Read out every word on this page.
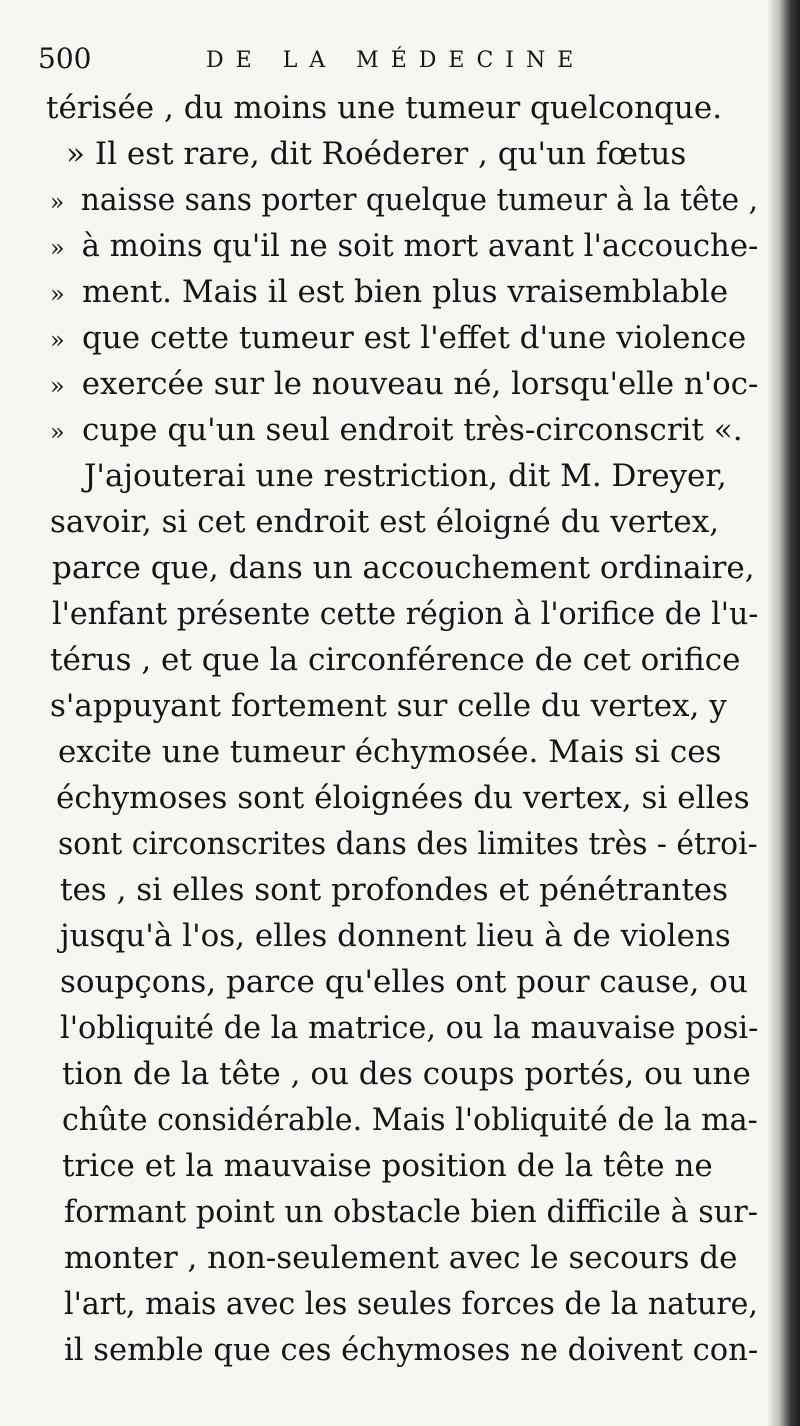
500	DE LA MÉDECINE
térisée , du moins une tumeur quelconque.
» Il est rare, dit Roéderer , qu'un fœtus
» naisse sans porter quelque tumeur à la tête ,
» à moins qu'il ne soit mort avant l'accouche-
» ment. Mais il est bien plus vraisemblable
» que cette tumeur est l'effet d'une violence
» exercée sur le nouveau né, lorsqu'elle n'oc-
» cupe qu'un seul endroit très-circonscrit «.
J'ajouterai une restriction, dit M. Dreyer,
savoir, si cet endroit est éloigné du vertex,
parce que, dans un accouchement ordinaire,
l'enfant présente cette région à l'orifice de l'u-
térus , et que la circonférence de cet orifice
s'appuyant fortement sur celle du vertex, y
excite une tumeur échymosée. Mais si ces
échymoses sont éloignées du vertex, si elles
sont circonscrites dans des limites très - étroi-
tes , si elles sont profondes et pénétrantes
jusqu'à l'os, elles donnent lieu à de violens
soupçons, parce qu'elles ont pour cause, ou
l'obliquité de la matrice, ou la mauvaise posi-
tion de la tête , ou des coups portés, ou une
chûte considérable. Mais l'obliquité de la ma-
trice et la mauvaise position de la tête ne
formant point un obstacle bien difficile à sur-
monter , non-seulement avec le secours de
l'art, mais avec les seules forces de la nature,
il semble que ces échymoses ne doivent con-
